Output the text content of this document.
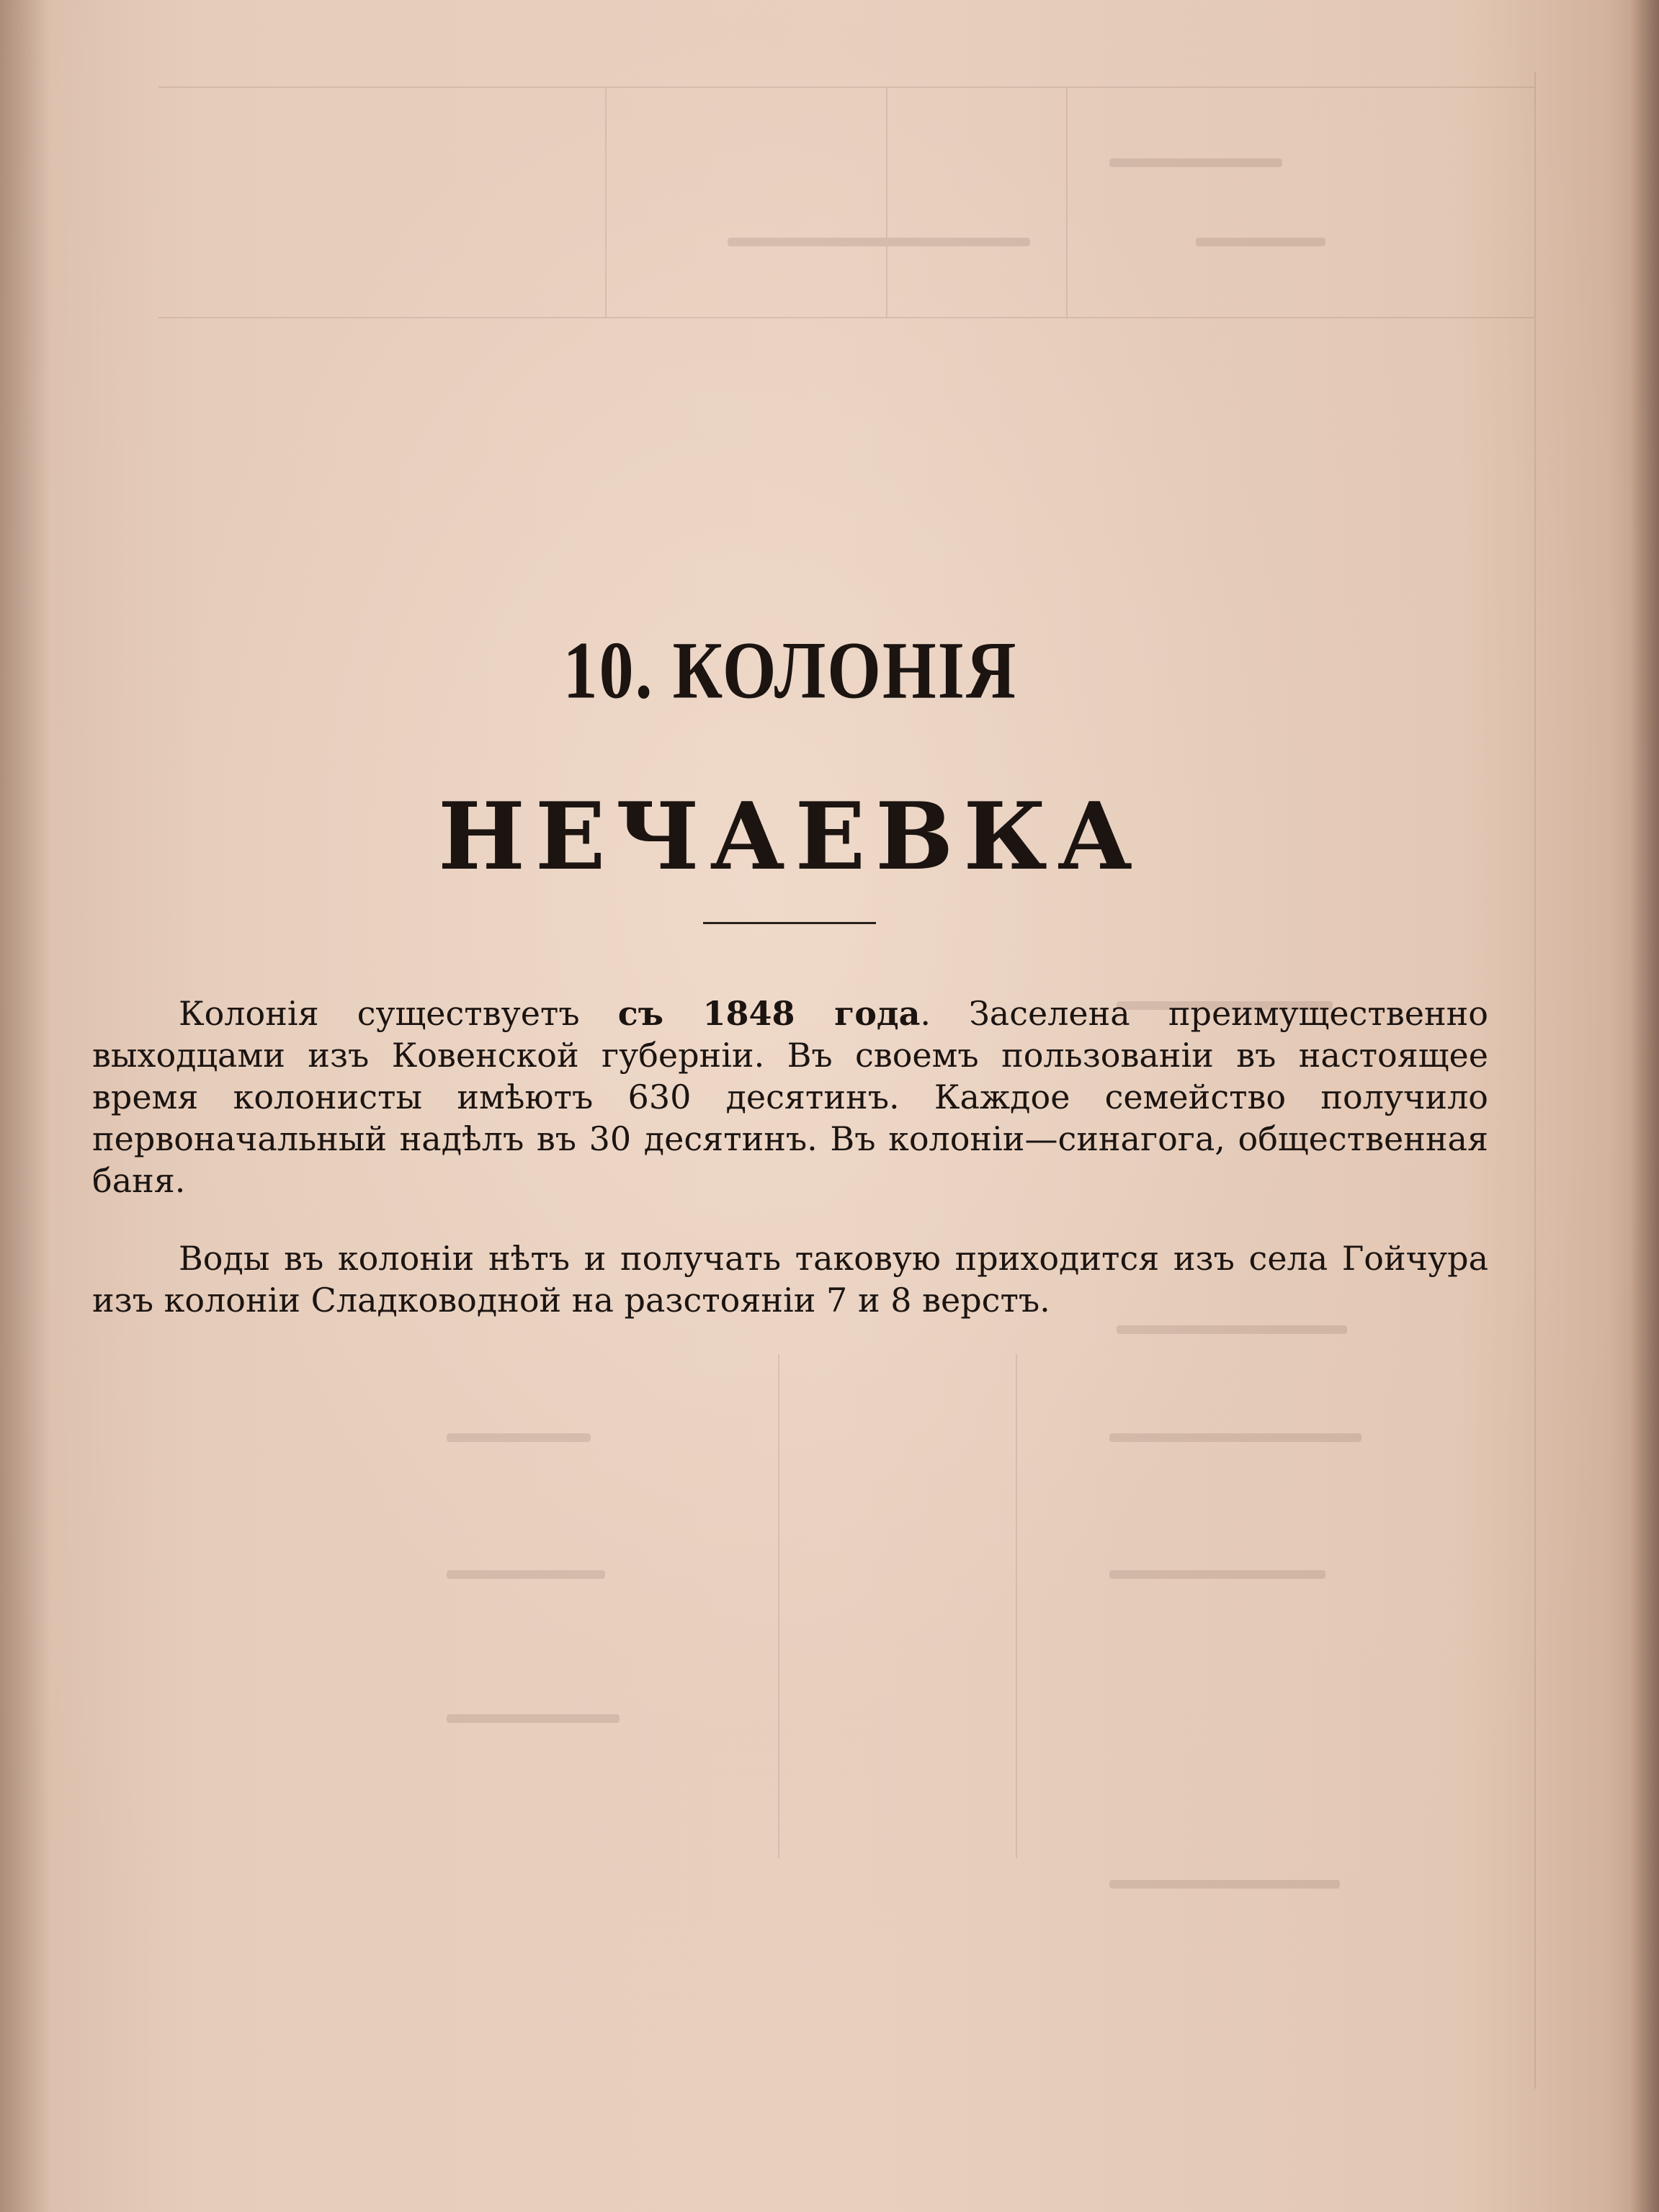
10. КОЛОНІЯ
НЕЧАЕВКА

Колонія существуетъ съ 1848 года. Заселена преимущественно выходцами изъ Ковенской губерніи. Въ своемъ пользованіи въ настоящее время колонисты имѣютъ 630 десятинъ. Каждое семейство получило первоначальный надѣлъ въ 30 десятинъ. Въ колоніи—синагога, общественная баня.

Воды въ колоніи нѣтъ и получать таковую приходится изъ села Гойчура изъ колоніи Сладководной на разстояніи 7 и 8 верстъ.
